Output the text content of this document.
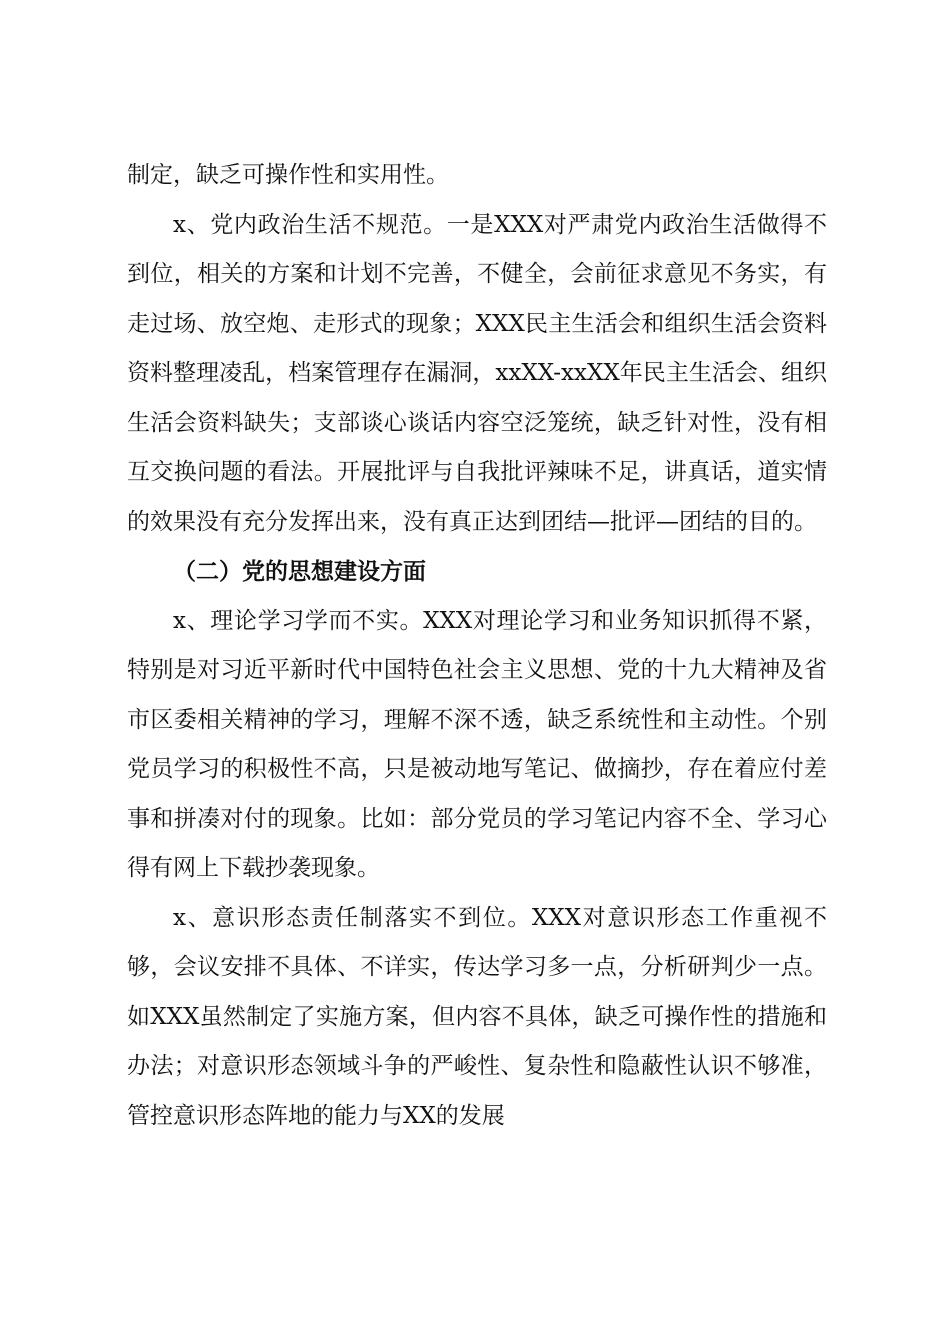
制定，缺乏可操作性和实用性。

x、党内政治生活不规范。一是XXX对严肃党内政治生活做得不到位，相关的方案和计划不完善，不健全，会前征求意见不务实，有走过场、放空炮、走形式的现象；XXX民主生活会和组织生活会资料资料整理凌乱，档案管理存在漏洞，xxXX-xxXX年民主生活会、组织生活会资料缺失；支部谈心谈话内容空泛笼统，缺乏针对性，没有相互交换问题的看法。开展批评与自我批评辣味不足，讲真话，道实情的效果没有充分发挥出来，没有真正达到团结—批评—团结的目的。

（二）党的思想建设方面

x、理论学习学而不实。XXX对理论学习和业务知识抓得不紧，特别是对习近平新时代中国特色社会主义思想、党的十九大精神及省市区委相关精神的学习，理解不深不透，缺乏系统性和主动性。个别党员学习的积极性不高，只是被动地写笔记、做摘抄，存在着应付差事和拼凑对付的现象。比如：部分党员的学习笔记内容不全、学习心得有网上下载抄袭现象。

x、意识形态责任制落实不到位。XXX对意识形态工作重视不够，会议安排不具体、不详实，传达学习多一点，分析研判少一点。如XXX虽然制定了实施方案，但内容不具体，缺乏可操作性的措施和办法；对意识形态领域斗争的严峻性、复杂性和隐蔽性认识不够准，管控意识形态阵地的能力与XX的发展
